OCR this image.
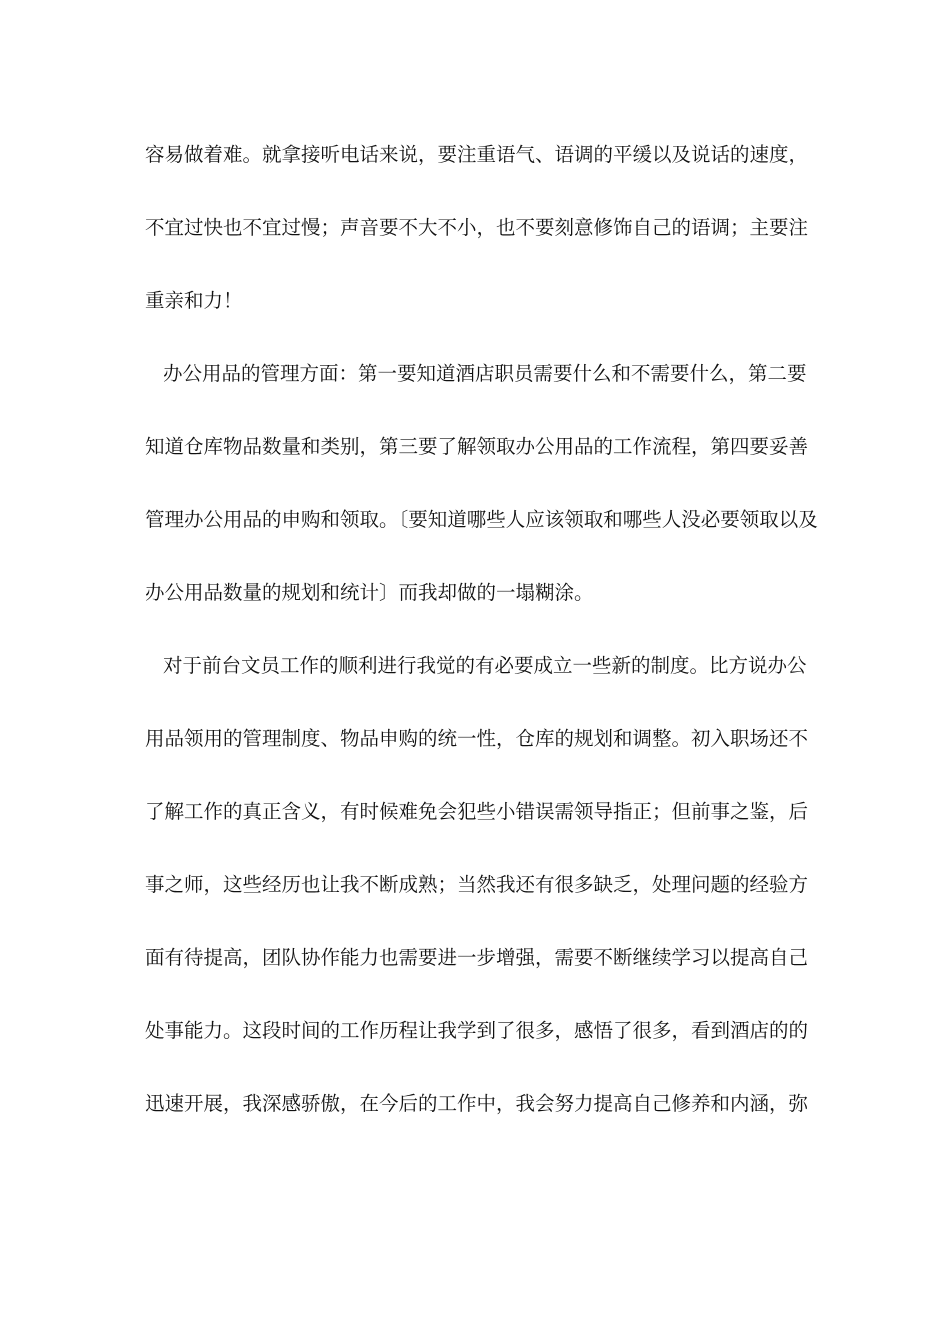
容易做着难。就拿接听电话来说，要注重语气、语调的平缓以及说话的速度，
不宜过快也不宜过慢；声音要不大不小，也不要刻意修饰自己的语调；主要注
重亲和力！
办公用品的管理方面：第一要知道酒店职员需要什么和不需要什么，第二要
知道仓库物品数量和类别，第三要了解领取办公用品的工作流程，第四要妥善
管理办公用品的申购和领取。〔要知道哪些人应该领取和哪些人没必要领取以及
办公用品数量的规划和统计〕而我却做的一塌糊涂。
对于前台文员工作的顺利进行我觉的有必要成立一些新的制度。比方说办公
用品领用的管理制度、物品申购的统一性，仓库的规划和调整。初入职场还不
了解工作的真正含义，有时候难免会犯些小错误需领导指正；但前事之鉴，后
事之师，这些经历也让我不断成熟；当然我还有很多缺乏，处理问题的经验方
面有待提高，团队协作能力也需要进一步增强，需要不断继续学习以提高自己
处事能力。这段时间的工作历程让我学到了很多，感悟了很多，看到酒店的的
迅速开展，我深感骄傲，在今后的工作中，我会努力提高自己修养和内涵，弥
